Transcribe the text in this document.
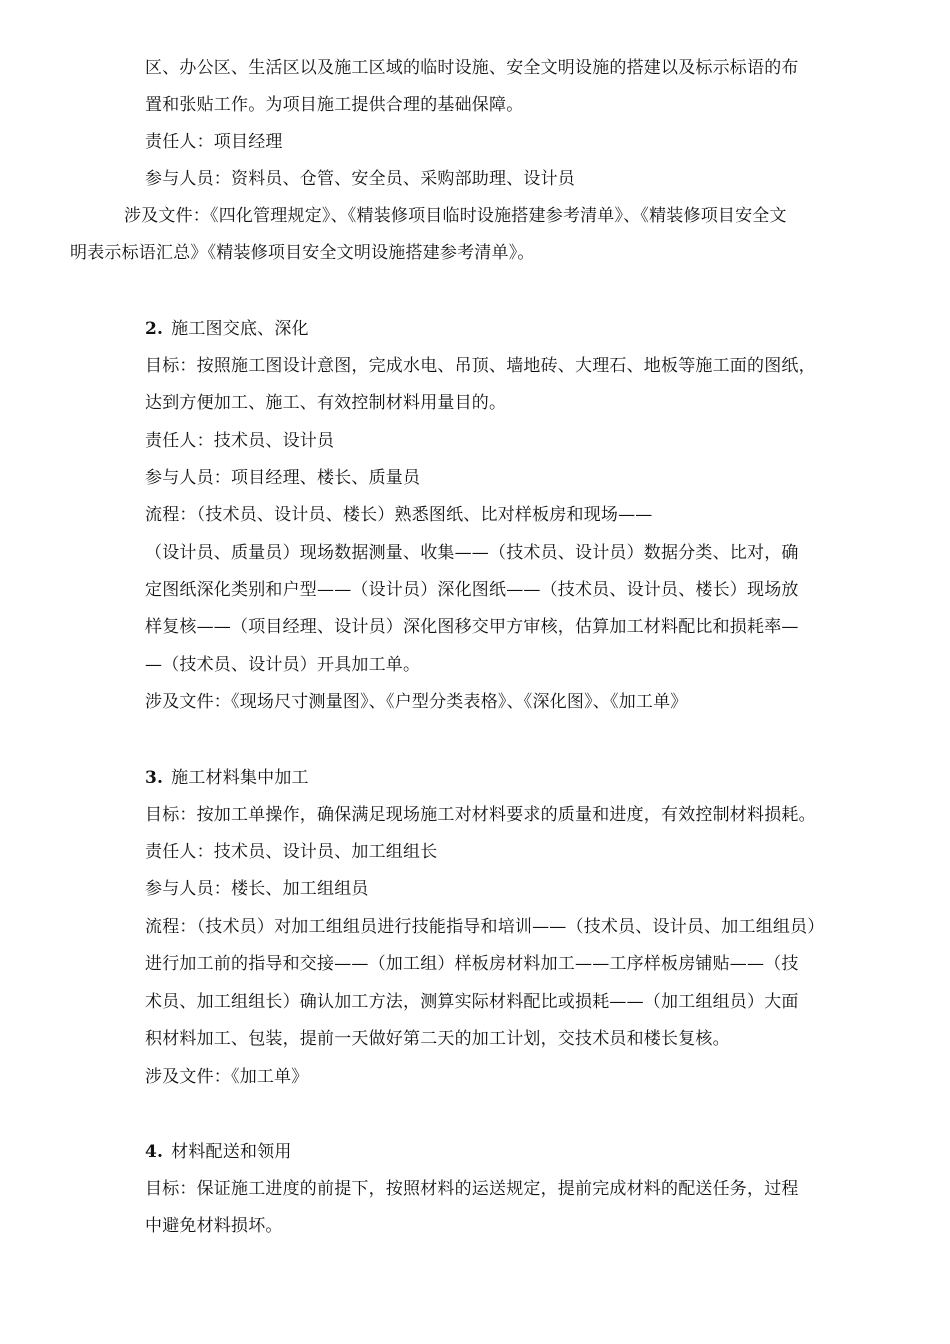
区、办公区、生活区以及施工区域的临时设施、安全文明设施的搭建以及标示标语的布
置和张贴工作。为项目施工提供合理的基础保障。
责任人：项目经理
参与人员：资料员、仓管、安全员、采购部助理、设计员
涉及文件：《四化管理规定》、《精装修项目临时设施搭建参考清单》、《精装修项目安全文
明表示标语汇总》《精装修项目安全文明设施搭建参考清单》。
2. 施工图交底、深化
目标：按照施工图设计意图，完成水电、吊顶、墙地砖、大理石、地板等施工面的图纸，
达到方便加工、施工、有效控制材料用量目的。
责任人：技术员、设计员
参与人员：项目经理、楼长、质量员
流程：（技术员、设计员、楼长）熟悉图纸、比对样板房和现场——
（设计员、质量员）现场数据测量、收集——（技术员、设计员）数据分类、比对，确
定图纸深化类别和户型——（设计员）深化图纸——（技术员、设计员、楼长）现场放
样复核——（项目经理、设计员）深化图移交甲方审核，估算加工材料配比和损耗率—
—（技术员、设计员）开具加工单。
涉及文件：《现场尺寸测量图》、《户型分类表格》、《深化图》、《加工单》
3. 施工材料集中加工
目标：按加工单操作，确保满足现场施工对材料要求的质量和进度，有效控制材料损耗。
责任人：技术员、设计员、加工组组长
参与人员：楼长、加工组组员
流程：（技术员）对加工组组员进行技能指导和培训——（技术员、设计员、加工组组员）
进行加工前的指导和交接——（加工组）样板房材料加工——工序样板房铺贴——（技
术员、加工组组长）确认加工方法，测算实际材料配比或损耗——（加工组组员）大面
积材料加工、包装，提前一天做好第二天的加工计划，交技术员和楼长复核。
涉及文件：《加工单》
4. 材料配送和领用
目标：保证施工进度的前提下，按照材料的运送规定，提前完成材料的配送任务，过程
中避免材料损坏。
